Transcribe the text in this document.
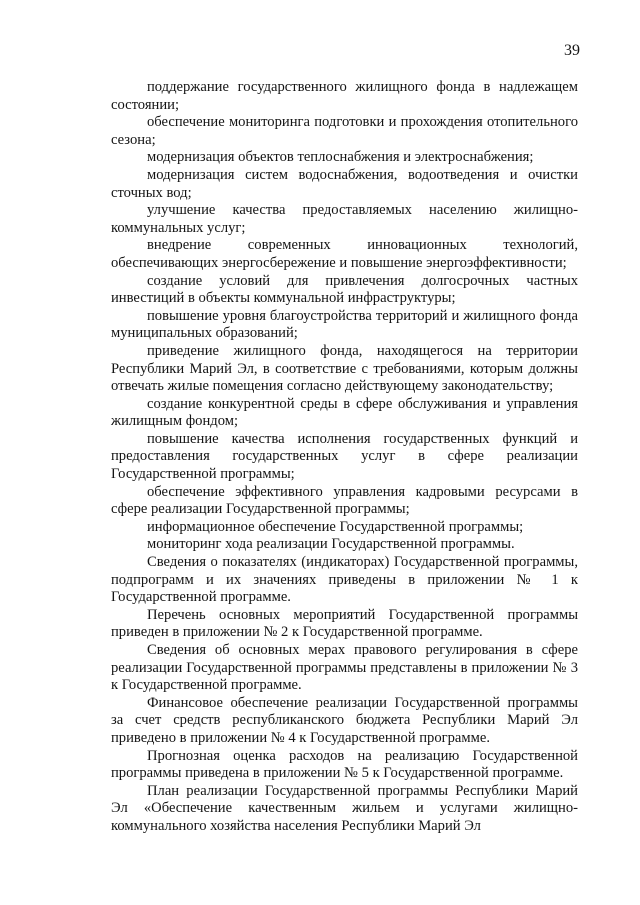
39

поддержание государственного жилищного фонда в надлежащем состоянии;

обеспечение мониторинга подготовки и прохождения отопительного сезона;

модернизация объектов теплоснабжения и электроснабжения;

модернизация систем водоснабжения, водоотведения и очистки сточных вод;

улучшение качества предоставляемых населению жилищно-коммунальных услуг;

внедрение современных инновационных технологий, обеспечивающих энергосбережение и повышение энергоэффективности;

создание условий для привлечения долгосрочных частных инвестиций в объекты коммунальной инфраструктуры;

повышение уровня благоустройства территорий и жилищного фонда муниципальных образований;

приведение жилищного фонда, находящегося на территории Республики Марий Эл, в соответствие с требованиями, которым должны отвечать жилые помещения согласно действующему законодательству;

создание конкурентной среды в сфере обслуживания и управления жилищным фондом;

повышение качества исполнения государственных функций и предоставления государственных услуг в сфере реализации Государственной программы;

обеспечение эффективного управления кадровыми ресурсами в сфере реализации Государственной программы;

информационное обеспечение Государственной программы;

мониторинг хода реализации Государственной программы.

Сведения о показателях (индикаторах) Государственной программы, подпрограмм и их значениях приведены в приложении № 1 к Государственной программе.

Перечень основных мероприятий Государственной программы приведен в приложении № 2 к Государственной программе.

Сведения об основных мерах правового регулирования в сфере реализации Государственной программы представлены в приложении № 3 к Государственной программе.

Финансовое обеспечение реализации Государственной программы за счет средств республиканского бюджета Республики Марий Эл приведено в приложении № 4 к Государственной программе.

Прогнозная оценка расходов на реализацию Государственной программы приведена в приложении № 5 к Государственной программе.

План реализации Государственной программы Республики Марий Эл «Обеспечение качественным жильем и услугами жилищно-коммунального хозяйства населения Республики Марий Эл
